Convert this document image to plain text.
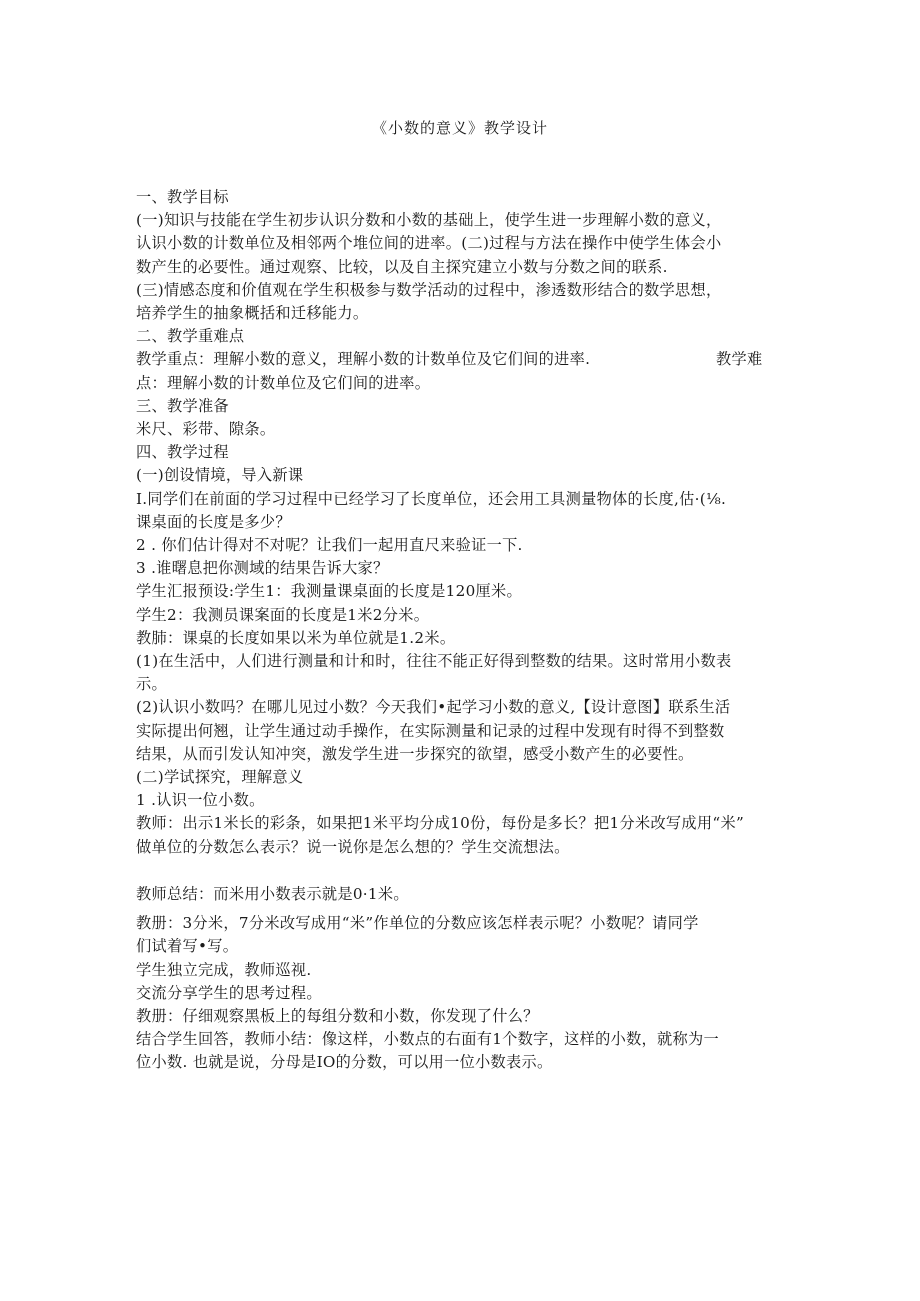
《小数的意义》教学设计

一、教学目标

(一)知识与技能在学生初步认识分数和小数的基础上，使学生进一步理解小数的意义，

认识小数的计数单位及相邻两个堆位间的进率。(二)过程与方法在操作中使学生体会小

数产生的必要性。通过观察、比较，以及自主探究建立小数与分数之间的联系.

(三)情感态度和价值观在学生积极参与数学活动的过程中，渗透数形结合的数学思想，

培养学生的抽象概括和迁移能力。

二、教学重难点

教学重点：理解小数的意义，理解小数的计数单位及它们间的进率.	教学难

点：理解小数的计数单位及它们间的进率。

三、教学准备

米尺、彩带、隙条。

四、教学过程

(一)创设情境，导入新课

I.同学们在前面的学习过程中已经学习了长度单位，还会用工具测量物体的长度,估·(⅛.

课桌面的长度是多少？

2 . 你们估计得对不对呢？让我们一起用直尺来验证一下.

3 .谁曙息把你测域的结果告诉大家？

学生汇报预设:学生1：我测量课桌面的长度是120厘米。

学生2：我测员课案面的长度是1米2分米。

教肺：课桌的长度如果以米为单位就是1.2米。

(1)在生活中，人们进行测量和计和时，往往不能正好得到整数的结果。这时常用小数表

示。

(2)认识小数吗？在哪儿见过小数？今天我们•起学习小数的意义,【设计意图】联系生活

实际提出何翘，让学生通过动手操作，在实际测量和记录的过程中发现有时得不到整数

结果，从而引发认知冲突，激发学生进一步探究的欲望，感受小数产生的必要性。

(二)学试探究，理解意义

1 .认识一位小数。

教师：出示1米长的彩条，如果把1米平均分成10份，每份是多长？把1分米改写成用“米”

做单位的分数怎么表示？说一说你是怎么想的？学生交流想法。

教师总结：而米用小数表示就是0·1米。

教册：3分米，7分米改写成用“米”作单位的分数应该怎样表示呢？小数呢？请同学

们试着写•写。

学生独立完成，教师巡视.

交流分享学生的思考过程。

教册：仔细观察黑板上的每组分数和小数，你发现了什么？

结合学生回答，教师小结：像这样，小数点的右面有1个数字，这样的小数，就称为一

位小数. 也就是说，分母是IO的分数，可以用一位小数表示。
